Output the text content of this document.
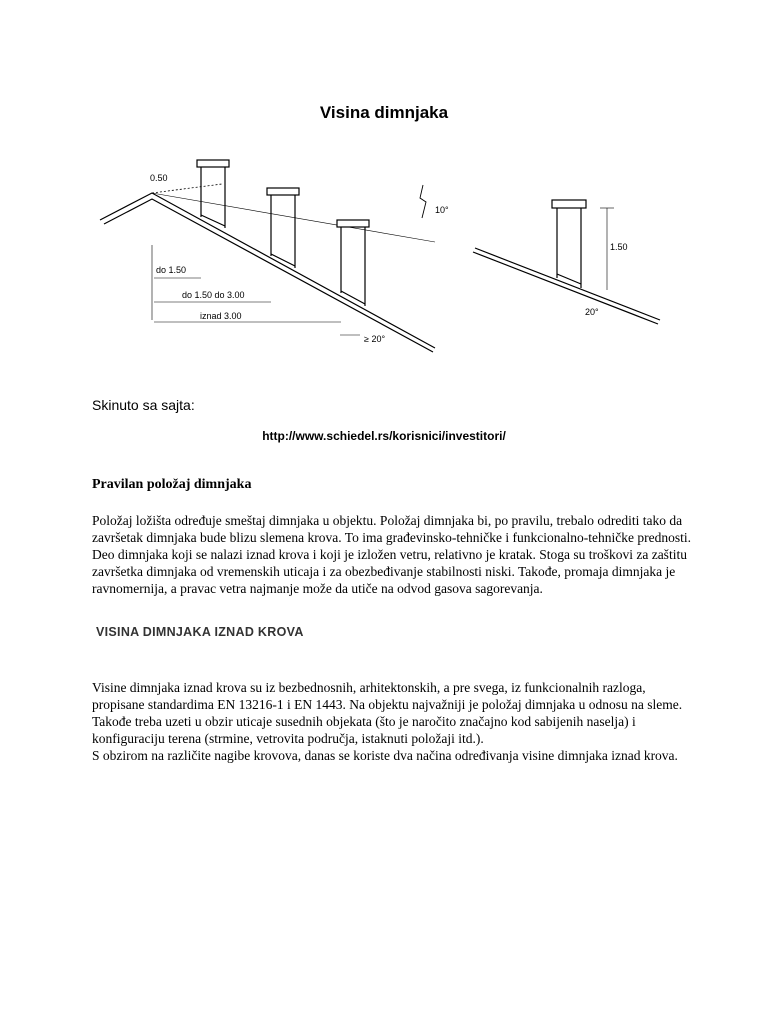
Visina dimnjaka
0.50
10°
do 1.50
do 1.50 do 3.00
iznad 3.00
≥ 20°
1.50
20°
Skinuto sa sajta:
http://www.schiedel.rs/korisnici/investitori/
Pravilan položaj dimnjaka
Položaj ložišta određuje smeštaj dimnjaka u objektu. Položaj dimnjaka bi, po pravilu, trebalo odrediti tako da završetak dimnjaka bude blizu slemena krova. To ima građevinsko-tehničke i funkcionalno-tehničke prednosti. Deo dimnjaka koji se nalazi iznad krova i koji je izložen vetru, relativno je kratak. Stoga su troškovi za zaštitu završetka dimnjaka od vremenskih uticaja i za obezbeđivanje stabilnosti niski. Takođe, promaja dimnjaka je ravnomernija, a pravac vetra najmanje može da utiče na odvod gasova sagorevanja.
VISINA DIMNJAKA IZNAD KROVA
Visine dimnjaka iznad krova su iz bezbednosnih, arhitektonskih, a pre svega, iz funkcionalnih razloga, propisane standardima EN 13216-1 i EN 1443. Na objektu najvažniji je položaj dimnjaka u odnosu na sleme. Takođe treba uzeti u obzir uticaje susednih objekata (što je naročito značajno kod sabijenih naselja) i konfiguraciju terena (strmine, vetrovita područja, istaknuti položaji itd.).
S obzirom na različite nagibe krovova, danas se koriste dva načina određivanja visine dimnjaka iznad krova.
